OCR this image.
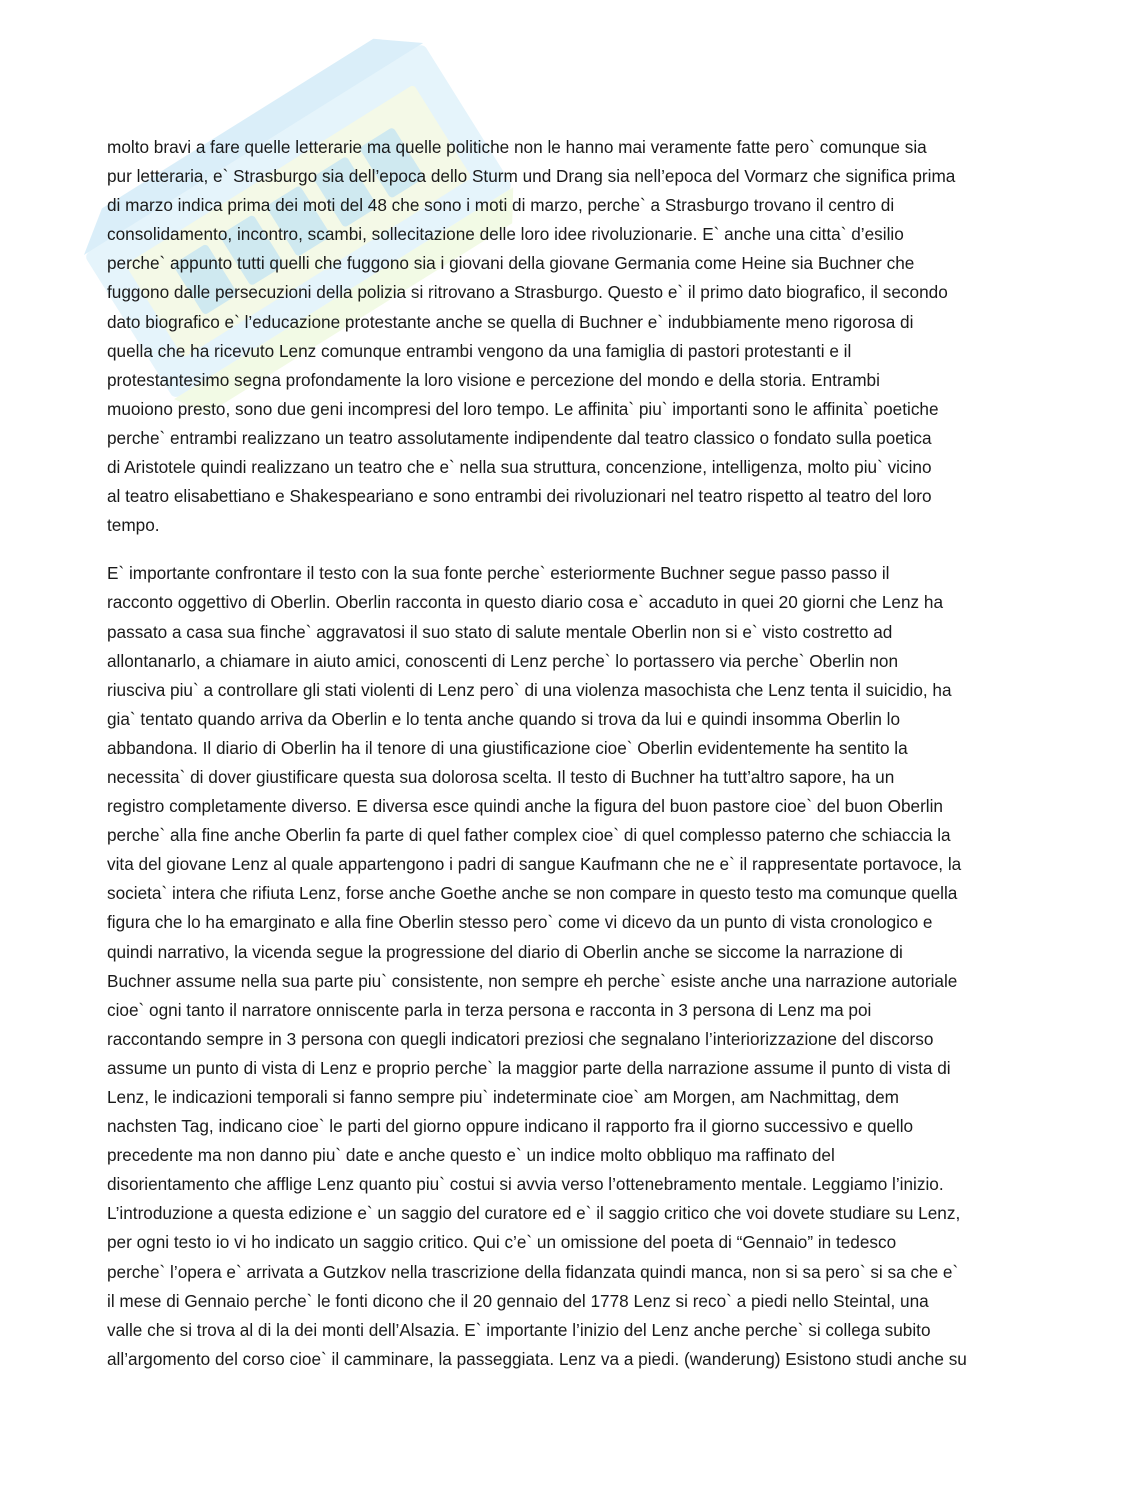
molto bravi a fare quelle letterarie ma quelle politiche non le hanno mai veramente fatte pero` comunque sia
pur letteraria, e` Strasburgo sia dell’epoca dello Sturm und Drang sia nell’epoca del Vormarz che significa prima
di marzo indica prima dei moti del 48 che sono i moti di marzo, perche` a Strasburgo trovano il centro di
consolidamento, incontro, scambi, sollecitazione delle loro idee rivoluzionarie. E` anche una citta` d’esilio
perche` appunto tutti quelli che fuggono sia i giovani della giovane Germania come Heine sia Buchner che
fuggono dalle persecuzioni della polizia si ritrovano a Strasburgo. Questo e` il primo dato biografico, il secondo
dato biografico e` l’educazione protestante anche se quella di Buchner e` indubbiamente meno rigorosa di
quella che ha ricevuto Lenz comunque entrambi vengono da una famiglia di pastori protestanti e il
protestantesimo segna profondamente la loro visione e percezione del mondo e della storia. Entrambi
muoiono presto, sono due geni incompresi del loro tempo. Le affinita` piu` importanti sono le affinita` poetiche
perche` entrambi realizzano un teatro assolutamente indipendente dal teatro classico o fondato sulla poetica
di Aristotele quindi realizzano un teatro che e` nella sua struttura, concenzione, intelligenza, molto piu` vicino
al teatro elisabettiano e Shakespeariano e sono entrambi dei rivoluzionari nel teatro rispetto al teatro del loro
tempo.
E` importante confrontare il testo con la sua fonte perche` esteriormente Buchner segue passo passo il
racconto oggettivo di Oberlin. Oberlin racconta in questo diario cosa e` accaduto in quei 20 giorni che Lenz ha
passato a casa sua finche` aggravatosi il suo stato di salute mentale Oberlin non si e` visto costretto ad
allontanarlo, a chiamare in aiuto amici, conoscenti di Lenz perche` lo portassero via perche` Oberlin non
riusciva piu` a controllare gli stati violenti di Lenz pero` di una violenza masochista che Lenz tenta il suicidio, ha
gia` tentato quando arriva da Oberlin e lo tenta anche quando si trova da lui e quindi insomma Oberlin lo
abbandona. Il diario di Oberlin ha il tenore di una giustificazione cioe` Oberlin evidentemente ha sentito la
necessita` di dover giustificare questa sua dolorosa scelta. Il testo di Buchner ha tutt’altro sapore, ha un
registro completamente diverso. E diversa esce quindi anche la figura del buon pastore cioe` del buon Oberlin
perche` alla fine anche Oberlin fa parte di quel father complex cioe` di quel complesso paterno che schiaccia la
vita del giovane Lenz al quale appartengono i padri di sangue Kaufmann che ne e` il rappresentate portavoce, la
societa` intera che rifiuta Lenz, forse anche Goethe anche se non compare in questo testo ma comunque quella
figura che lo ha emarginato e alla fine Oberlin stesso pero` come vi dicevo da un punto di vista cronologico e
quindi narrativo, la vicenda segue la progressione del diario di Oberlin anche se siccome la narrazione di
Buchner assume nella sua parte piu` consistente, non sempre eh perche` esiste anche una narrazione autoriale
cioe` ogni tanto il narratore onniscente parla in terza persona e racconta in 3 persona di Lenz ma poi
raccontando sempre in 3 persona con quegli indicatori preziosi che segnalano l’interiorizzazione del discorso
assume un punto di vista di Lenz e proprio perche` la maggior parte della narrazione assume il punto di vista di
Lenz, le indicazioni temporali si fanno sempre piu` indeterminate cioe` am Morgen, am Nachmittag, dem
nachsten Tag, indicano cioe` le parti del giorno oppure indicano il rapporto fra il giorno successivo e quello
precedente ma non danno piu` date e anche questo e` un indice molto obbliquo ma raffinato del
disorientamento che afflige Lenz quanto piu` costui si avvia verso l’ottenebramento mentale. Leggiamo l’inizio.
L’introduzione a questa edizione e` un saggio del curatore ed e` il saggio critico che voi dovete studiare su Lenz,
per ogni testo io vi ho indicato un saggio critico. Qui c’e` un omissione del poeta di “Gennaio” in tedesco
perche` l’opera e` arrivata a Gutzkov nella trascrizione della fidanzata quindi manca, non si sa pero` si sa che e`
il mese di Gennaio perche` le fonti dicono che il 20 gennaio del 1778 Lenz si reco` a piedi nello Steintal, una
valle che si trova al di la dei monti dell’Alsazia. E` importante l’inizio del Lenz anche perche` si collega subito
all’argomento del corso cioe` il camminare, la passeggiata. Lenz va a piedi. (wanderung) Esistono studi anche su
